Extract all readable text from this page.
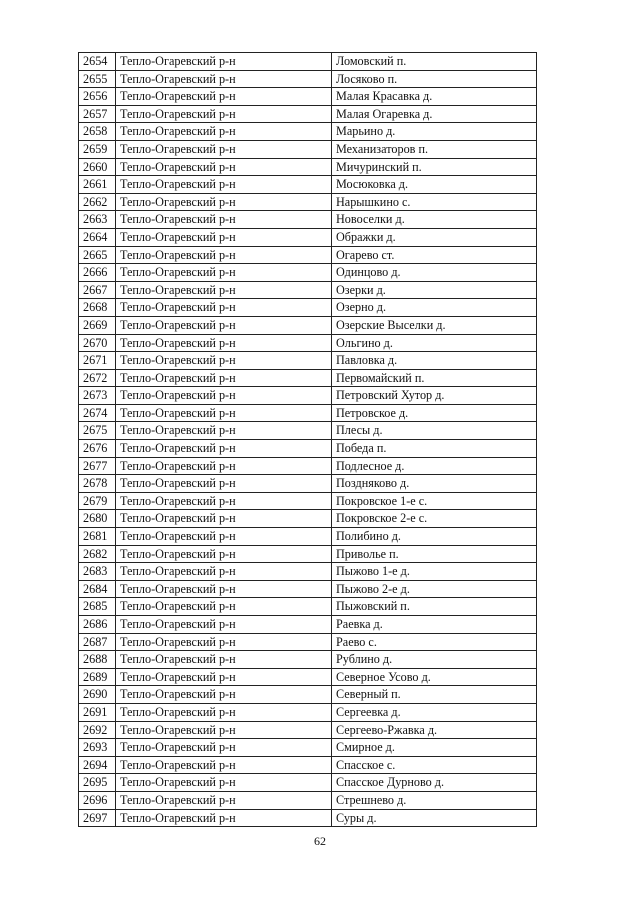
2654	Тепло-Огаревский р-н	Ломовский п.
2655	Тепло-Огаревский р-н	Лосяково п.
2656	Тепло-Огаревский р-н	Малая Красавка д.
2657	Тепло-Огаревский р-н	Малая Огаревка д.
2658	Тепло-Огаревский р-н	Марьино д.
2659	Тепло-Огаревский р-н	Механизаторов п.
2660	Тепло-Огаревский р-н	Мичуринский п.
2661	Тепло-Огаревский р-н	Мосюковка д.
2662	Тепло-Огаревский р-н	Нарышкино с.
2663	Тепло-Огаревский р-н	Новоселки д.
2664	Тепло-Огаревский р-н	Ображки д.
2665	Тепло-Огаревский р-н	Огарево ст.
2666	Тепло-Огаревский р-н	Одинцово д.
2667	Тепло-Огаревский р-н	Озерки д.
2668	Тепло-Огаревский р-н	Озерно д.
2669	Тепло-Огаревский р-н	Озерские Выселки д.
2670	Тепло-Огаревский р-н	Ольгино д.
2671	Тепло-Огаревский р-н	Павловка д.
2672	Тепло-Огаревский р-н	Первомайский п.
2673	Тепло-Огаревский р-н	Петровский Хутор д.
2674	Тепло-Огаревский р-н	Петровское д.
2675	Тепло-Огаревский р-н	Плесы д.
2676	Тепло-Огаревский р-н	Победа п.
2677	Тепло-Огаревский р-н	Подлесное д.
2678	Тепло-Огаревский р-н	Поздняково д.
2679	Тепло-Огаревский р-н	Покровское 1-е с.
2680	Тепло-Огаревский р-н	Покровское 2-е с.
2681	Тепло-Огаревский р-н	Полибино д.
2682	Тепло-Огаревский р-н	Приволье п.
2683	Тепло-Огаревский р-н	Пыжово 1-е д.
2684	Тепло-Огаревский р-н	Пыжово 2-е д.
2685	Тепло-Огаревский р-н	Пыжовский п.
2686	Тепло-Огаревский р-н	Раевка д.
2687	Тепло-Огаревский р-н	Раево с.
2688	Тепло-Огаревский р-н	Рублино д.
2689	Тепло-Огаревский р-н	Северное Усово д.
2690	Тепло-Огаревский р-н	Северный п.
2691	Тепло-Огаревский р-н	Сергеевка д.
2692	Тепло-Огаревский р-н	Сергеево-Ржавка д.
2693	Тепло-Огаревский р-н	Смирное д.
2694	Тепло-Огаревский р-н	Спасское с.
2695	Тепло-Огаревский р-н	Спасское Дурново д.
2696	Тепло-Огаревский р-н	Стрешнево д.
2697	Тепло-Огаревский р-н	Суры д.
62
